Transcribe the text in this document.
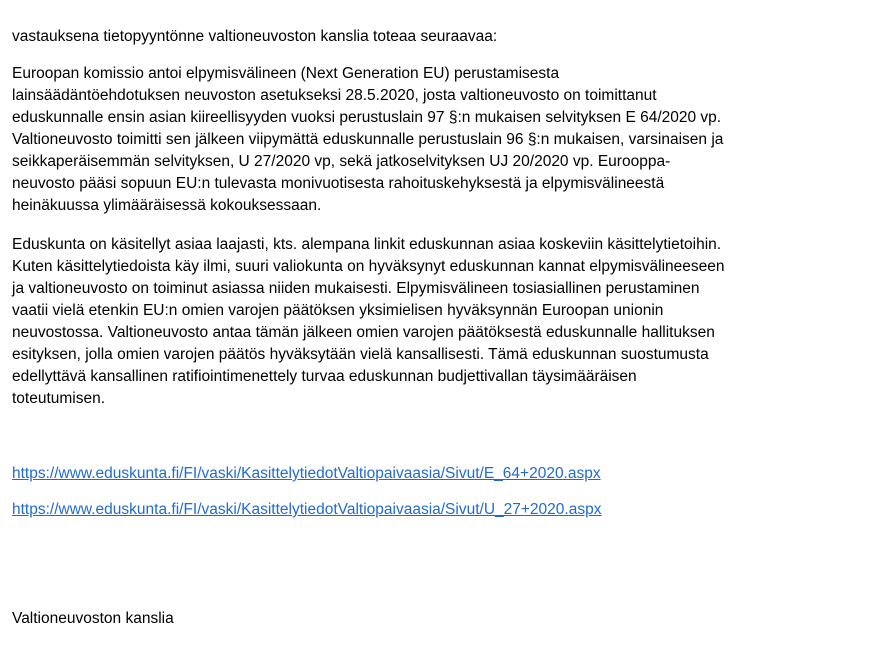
vastauksena tietopyyntönne valtioneuvoston kanslia toteaa seuraavaa:
Euroopan komissio antoi elpymisvälineen (Next Generation EU) perustamisesta
lainsäädäntöehdotuksen neuvoston asetukseksi 28.5.2020, josta valtioneuvosto on toimittanut
eduskunnalle ensin asian kiireellisyyden vuoksi perustuslain 97 §:n mukaisen selvityksen E 64/2020 vp.
Valtioneuvosto toimitti sen jälkeen viipymättä eduskunnalle perustuslain 96 §:n mukaisen, varsinaisen ja
seikkaperäisemmän selvityksen, U 27/2020 vp, sekä jatkoselvityksen UJ 20/2020 vp. Eurooppa-
neuvosto pääsi sopuun EU:n tulevasta monivuotisesta rahoituskehyksestä ja elpymisvälineestä
heinäkuussa ylimääräisessä kokouksessaan.
Eduskunta on käsitellyt asiaa laajasti, kts. alempana linkit eduskunnan asiaa koskeviin käsittelytietoihin.
Kuten käsittelytiedoista käy ilmi, suuri valiokunta on hyväksynyt eduskunnan kannat elpymisvälineeseen
ja valtioneuvosto on toiminut asiassa niiden mukaisesti. Elpymisvälineen tosiasiallinen perustaminen
vaatii vielä etenkin EU:n omien varojen päätöksen yksimielisen hyväksynnän Euroopan unionin
neuvostossa. Valtioneuvosto antaa tämän jälkeen omien varojen päätöksestä eduskunnalle hallituksen
esityksen, jolla omien varojen päätös hyväksytään vielä kansallisesti. Tämä eduskunnan suostumusta
edellyttävä kansallinen ratifiointimenettely turvaa eduskunnan budjettivallan täysimääräisen
toteutumisen.
https://www.eduskunta.fi/FI/vaski/KasittelytiedotValtiopaivaasia/Sivut/E_64+2020.aspx
https://www.eduskunta.fi/FI/vaski/KasittelytiedotValtiopaivaasia/Sivut/U_27+2020.aspx
Valtioneuvoston kanslia
